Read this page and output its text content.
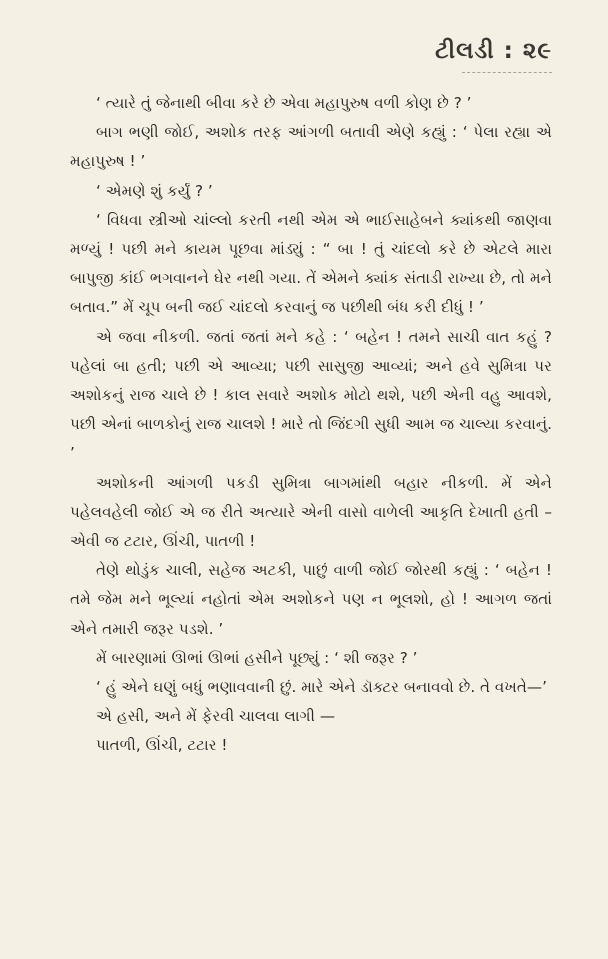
ટીલડી : ૨૯

‘ ત્યારે તું જેનાથી બીવા કરે છે એવા મહાપુરુષ વળી કોણ છે ? ’

બાગ ભણી જોઈ, અશોક તરફ આંગળી બતાવી એણે કહ્યું : ‘ પેલા રહ્યા એ મહાપુરુષ ! ’

‘ એમણે શું કર્યું ? ’

‘ વિધવા સ્ત્રીઓ ચાંલ્લો કરતી નથી એમ એ ભાઈસાહેબને ક્યાંકથી જાણવા મળ્યું ! પછી મને કાયમ પૂછવા માંડ્યું : “ બા ! તું ચાંદલો કરે છે એટલે મારા બાપુજી કાંઈ ભગવાનને ઘેર નથી ગયા. તેં એમને ક્યાંક સંતાડી રાખ્યા છે, તો મને બતાવ.” મેં ચૂપ બની જઈ ચાંદલો કરવાનું જ પછીથી બંધ કરી દીધું ! ’

એ જવા નીકળી. જતાં જતાં મને કહે : ‘ બહેન ! તમને સાચી વાત કહું ? પહેલાં બા હતી; પછી એ આવ્યા; પછી સાસુજી આવ્યાં; અને હવે સુમિત્રા પર અશોકનું રાજ ચાલે છે ! કાલ સવારે અશોક મોટો થશે, પછી એની વહુ આવશે, પછી એનાં બાળકોનું રાજ ચાલશે ! મારે તો જિંદગી સુધી આમ જ ચાલ્યા કરવાનું. ’

અશોકની આંગળી પકડી સુમિત્રા બાગમાંથી બહાર નીકળી. મેં એને પહેલવહેલી જોઈ એ જ રીતે અત્યારે એની વાસો વાળેલી આકૃતિ દેખાતી હતી – એવી જ ટટાર, ઊંચી, પાતળી !

તેણે થોડુંક ચાલી, સહેજ અટકી, પાછું વાળી જોઈ જોરથી કહ્યું : ‘ બહેન ! તમે જેમ મને ભૂલ્યાં નહોતાં એમ અશોકને પણ ન ભૂલશો, હો ! આગળ જતાં એને તમારી જરૂર પડશે. ’

મેં બારણામાં ઊભાં ઊભાં હસીને પૂછ્યું : ‘ શી જરૂર ? ’

‘ હું એને ઘણું બધું ભણાવવાની છું. મારે એને ડૉક્ટર બનાવવો છે. તે વખતે—’

એ હસી, અને મેં ફેરવી ચાલવા લાગી —

પાતળી, ઊંચી, ટટાર !
